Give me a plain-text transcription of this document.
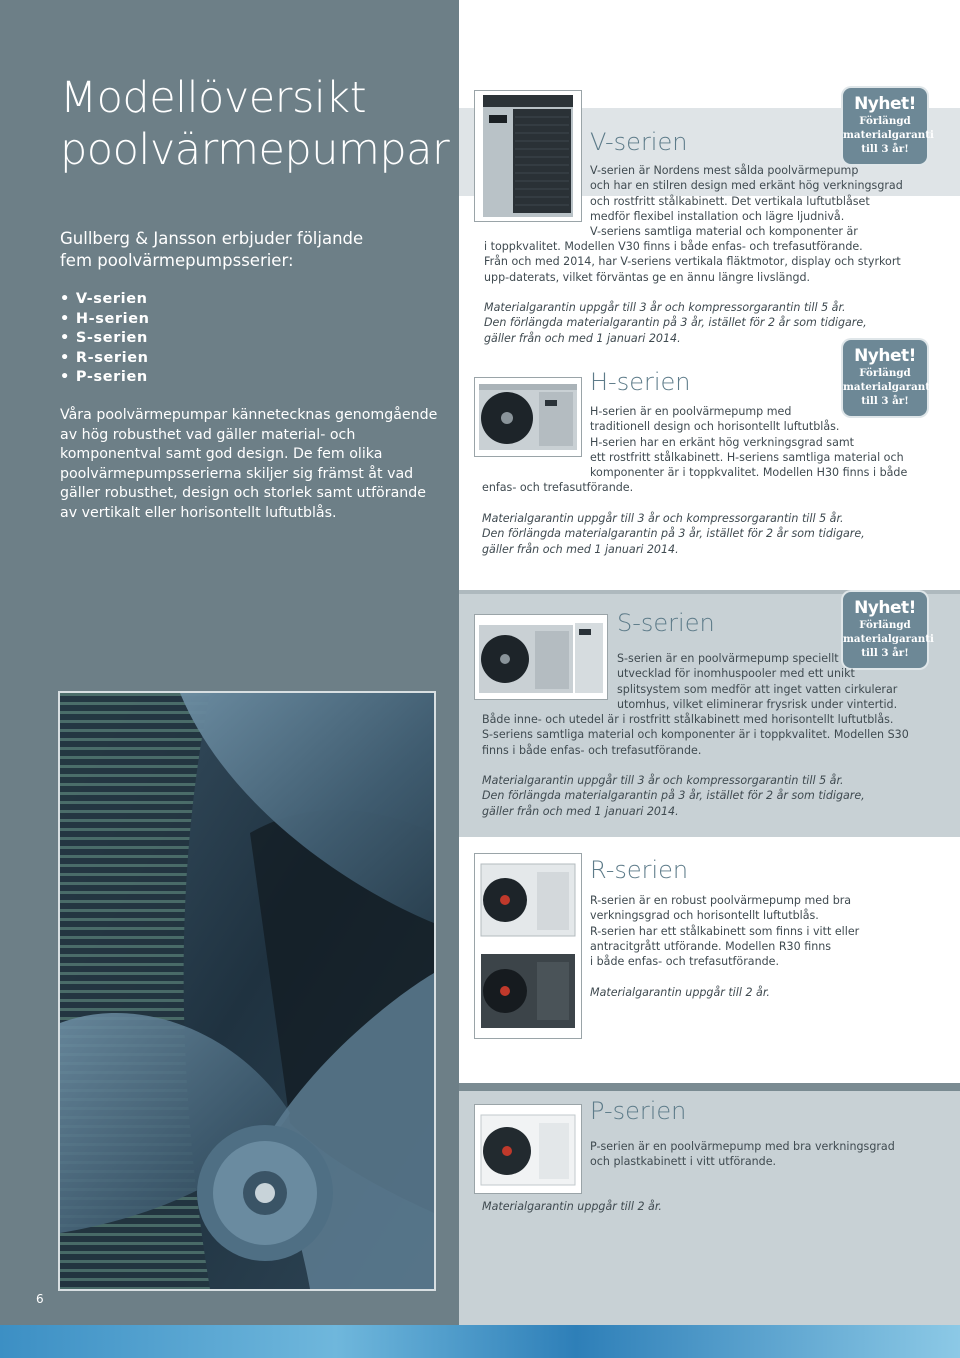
Modellöversikt
poolvärmepumpar

Gullberg & Jansson erbjuder följande
fem poolvärmepumpsserier:

• V-serien
• H-serien
• S-serien
• R-serien
• P-serien

Våra poolvärmepumpar kännetecknas genomgående
av hög robusthet vad gäller material- och
komponentval samt god design. De fem olika
poolvärmepumpsserierna skiljer sig främst åt vad
gäller robusthet, design och storlek samt utförande
av vertikalt eller horisontellt luftutblås.

6
V-serien
Nyhet!
Förlängd
materialgaranti
till 3 år!

V-serien är Nordens mest sålda poolvärmepump
och har en stilren design med erkänt hög verkningsgrad
och rostfritt stålkabinett. Det vertikala luftutblåset
medför flexibel installation och lägre ljudnivå.
V-seriens samtliga material och komponenter är

i toppkvalitet. Modellen V30 finns i både enfas- och trefasutförande.
Från och med 2014, har V-seriens vertikala fläktmotor, display och styrkort
upp-daterats, vilket förväntas ge en ännu längre livslängd.

Materialgarantin uppgår till 3 år och kompressorgarantin till 5 år.
Den förlängda materialgarantin på 3 år, istället för 2 år som tidigare,
gäller från och med 1 januari 2014.

H-serien
Nyhet!
Förlängd
materialgaranti
till 3 år!

H-serien är en poolvärmepump med
traditionell design och horisontellt luftutblås.
H-serien har en erkänt hög verkningsgrad samt
ett rostfritt stålkabinett. H-seriens samtliga material och
komponenter är i toppkvalitet. Modellen H30 finns i både

enfas- och trefasutförande.

Materialgarantin uppgår till 3 år och kompressorgarantin till 5 år.
Den förlängda materialgarantin på 3 år, istället för 2 år som tidigare,
gäller från och med 1 januari 2014.

S-serien
Nyhet!
Förlängd
materialgaranti
till 3 år!

S-serien är en poolvärmepump speciellt
utvecklad för inomhuspooler med ett unikt
splitsystem som medför att inget vatten cirkulerar
utomhus, vilket eliminerar frysrisk under vintertid.

Både inne- och utedel är i rostfritt stålkabinett med horisontellt luftutblås.
S-seriens samtliga material och komponenter är i toppkvalitet. Modellen S30
finns i både enfas- och trefasutförande.

Materialgarantin uppgår till 3 år och kompressorgarantin till 5 år.
Den förlängda materialgarantin på 3 år, istället för 2 år som tidigare,
gäller från och med 1 januari 2014.

R-serien

R-serien är en robust poolvärmepump med bra
verkningsgrad och horisontellt luftutblås.
R-serien har ett stålkabinett som finns i vitt eller
antracitgrått utförande. Modellen R30 finns
i både enfas- och trefasutförande.

Materialgarantin uppgår till 2 år.

P-serien

P-serien är en poolvärmepump med bra verkningsgrad
och plastkabinett i vitt utförande.

Materialgarantin uppgår till 2 år.
